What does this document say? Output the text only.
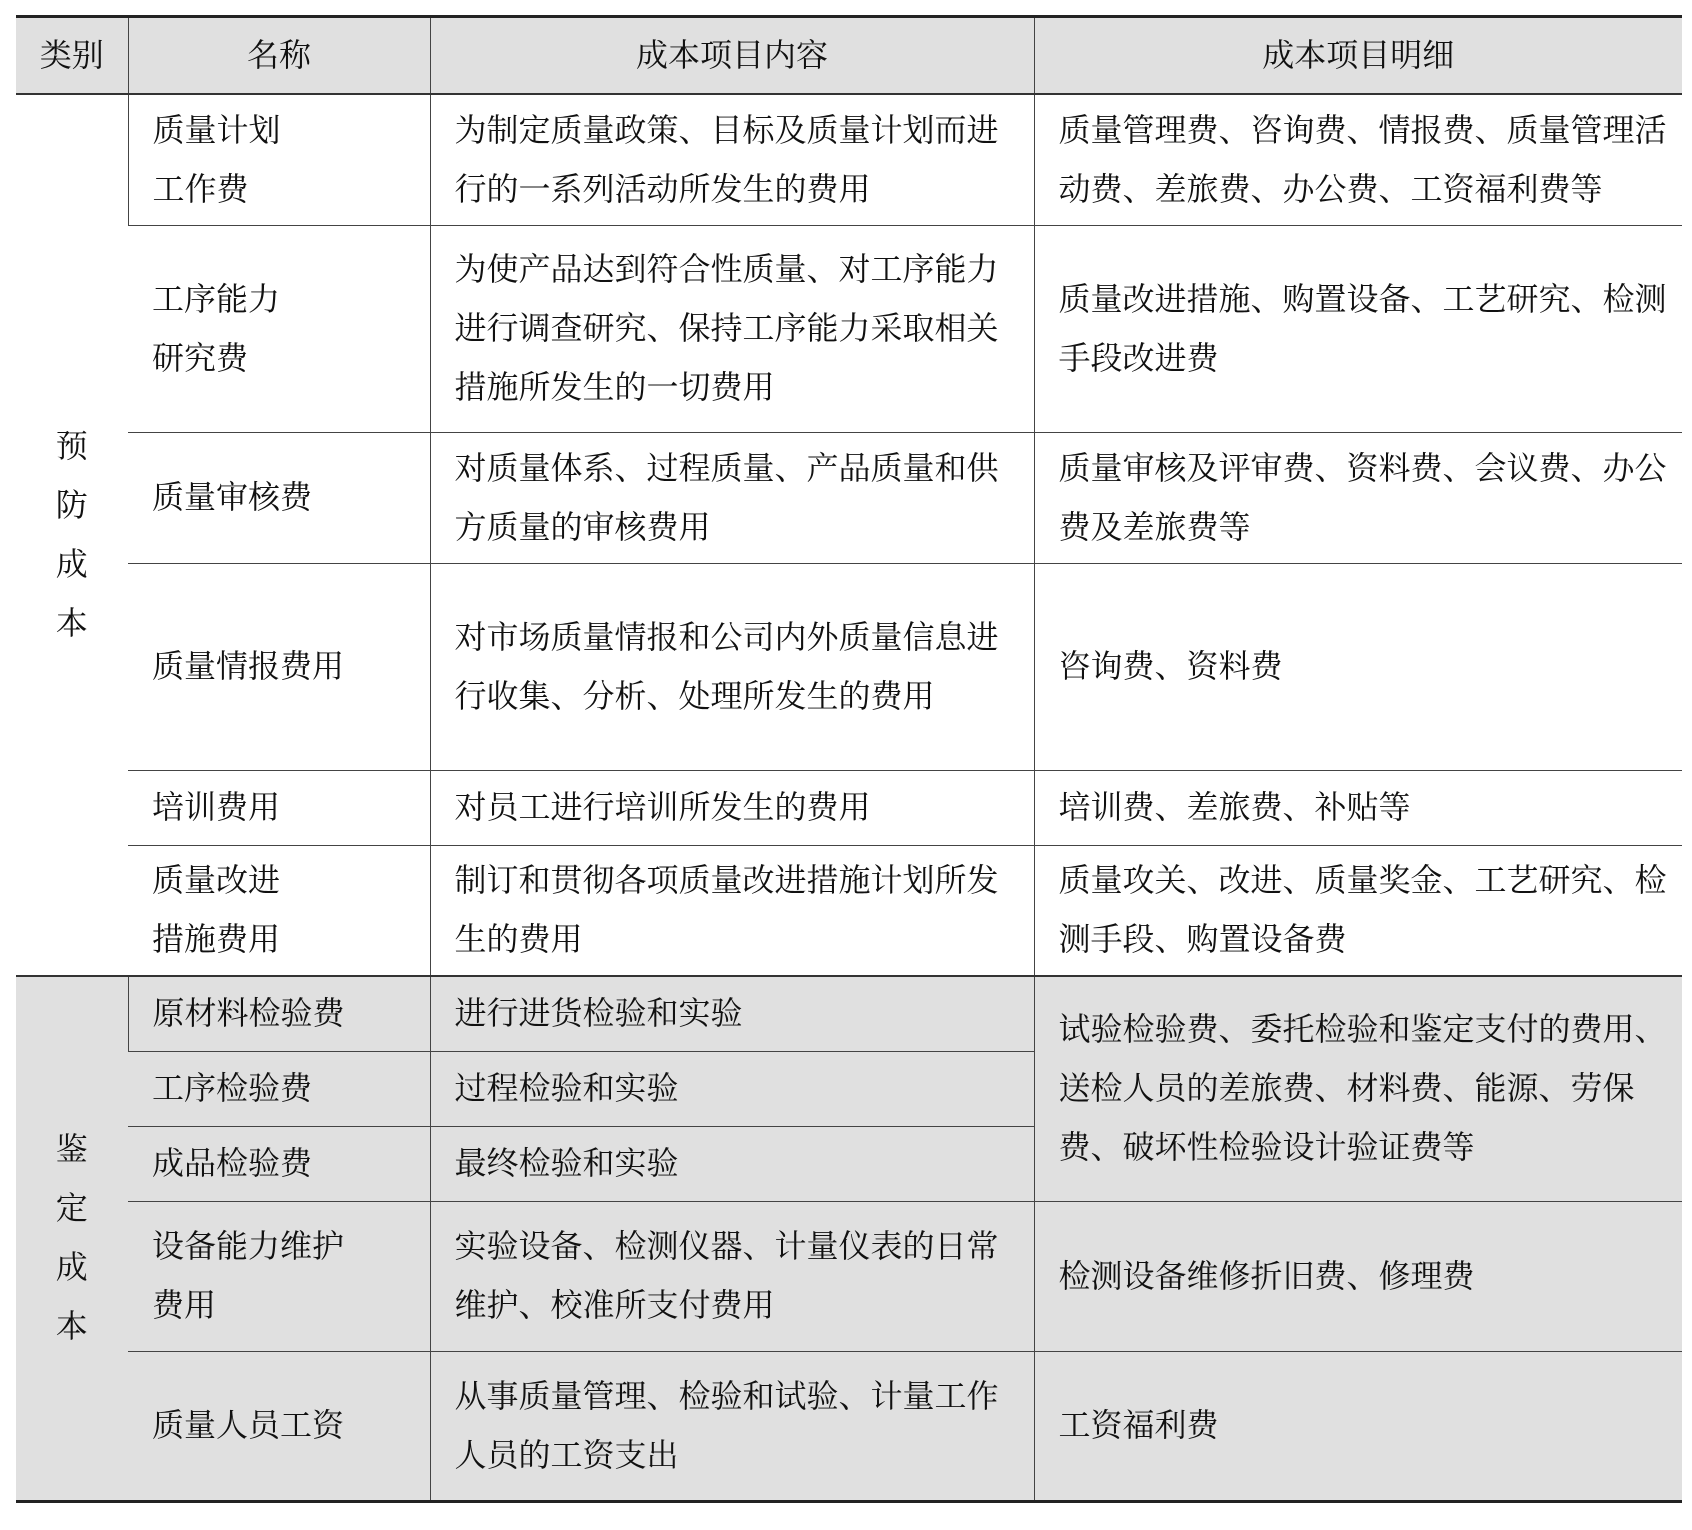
类别	名称	成本项目内容	成本项目明细

预防成本	质量计划工作费	为制定质量政策、目标及质量计划而进行的一系列活动所发生的费用	质量管理费、咨询费、情报费、质量管理活动费、差旅费、办公费、工资福利费等
	工序能力研究费	为使产品达到符合性质量、对工序能力进行调查研究、保持工序能力采取相关措施所发生的一切费用	质量改进措施、购置设备、工艺研究、检测手段改进费
	质量审核费	对质量体系、过程质量、产品质量和供方质量的审核费用	质量审核及评审费、资料费、会议费、办公费及差旅费等
	质量情报费用	对市场质量情报和公司内外质量信息进行收集、分析、处理所发生的费用	咨询费、资料费
	培训费用	对员工进行培训所发生的费用	培训费、差旅费、补贴等
	质量改进措施费用	制订和贯彻各项质量改进措施计划所发生的费用	质量攻关、改进、质量奖金、工艺研究、检测手段、购置设备费

鉴定成本	原材料检验费	进行进货检验和实验	试验检验费、委托检验和鉴定支付的费用、送检人员的差旅费、材料费、能源、劳保费、破坏性检验设计验证费等
	工序检验费	过程检验和实验	
	成品检验费	最终检验和实验	
	设备能力维护费用	实验设备、检测仪器、计量仪表的日常维护、校准所支付费用	检测设备维修折旧费、修理费
	质量人员工资	从事质量管理、检验和试验、计量工作人员的工资支出	工资福利费
